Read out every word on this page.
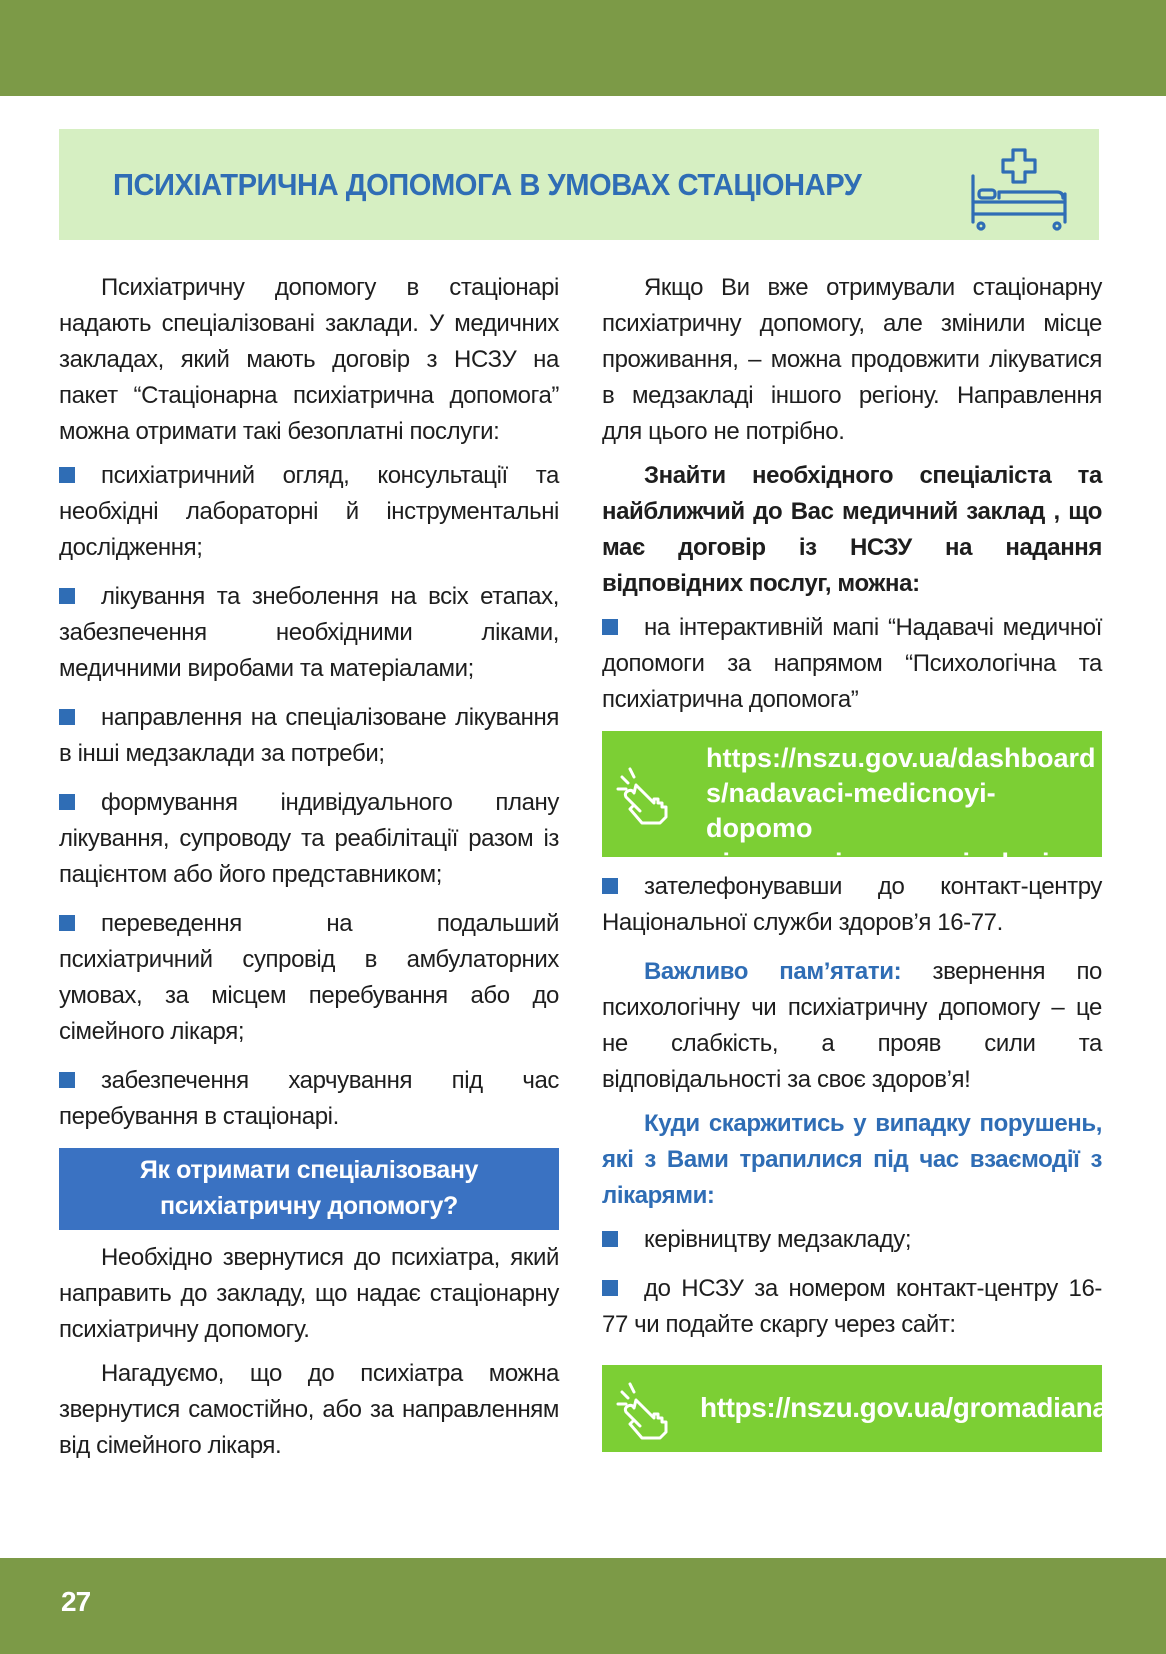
ПСИХІАТРИЧНА ДОПОМОГА В УМОВАХ СТАЦІОНАРУ

Психіатричну допомогу в стаціонарі надають спеціалізовані заклади. У медичних закладах, який мають договір з НСЗУ на пакет “Стаціонарна психіатрична допомога” можна отримати такі безоплатні послуги:

психіатричний огляд, консультації та необхідні лабораторні й інструментальні дослідження;
лікування та знеболення на всіх етапах, забезпечення необхідними ліками, медичними виробами та матеріалами;
направлення на спеціалізоване лікування в інші медзаклади за потреби;
формування індивідуального плану лікування, супроводу та реабілітації разом із пацієнтом або його представником;
переведення на подальший психіатричний супровід в амбулаторних умовах, за місцем перебування або до сімейного лікаря;
забезпечення харчування під час перебування в стаціонарі.
Як отримати спеціалізовану психіатричну допомогу?

Необхідно звернутися до психіатра, який направить до закладу, що надає стаціонарну психіатричну допомогу.

Нагадуємо, що до психіатра можна звернутися самостійно, або за направленням від сімейного лікаря.

Якщо Ви вже отримували стаціонарну психіатричну допомогу, але змінили місце проживання, – можна продовжити лікуватися в медзакладі іншого регіону. Направлення для цього не потрібно.

Знайти необхідного спеціаліста та найближчий до Вас медичний заклад , що має договір із НСЗУ на надання відповідних послуг, можна:

на інтерактивній мапі “Надавачі медичної допомоги за напрямом “Психологічна та психіатрична допомога”
https://nszu.gov.ua/dashboard
s/nadavaci-medicnoyi-dopomo
gi-za-napriamom-psixologic
зателефонувавши до контакт-центру Національної служби здоров’я 16-77.

Важливо пам’ятати: звернення по психологічну чи психіатричну допомогу – це не слабкість, а прояв сили та відповідальності за своє здоров’я!

Куди скаржитись у випадку порушень, які з Вами трапилися під час взаємодії з лікарями:

керівництву медзакладу;
до НСЗУ за номером контакт-центру 16-77 чи подайте скаргу через сайт:
https://nszu.gov.ua/gromadianam
27
